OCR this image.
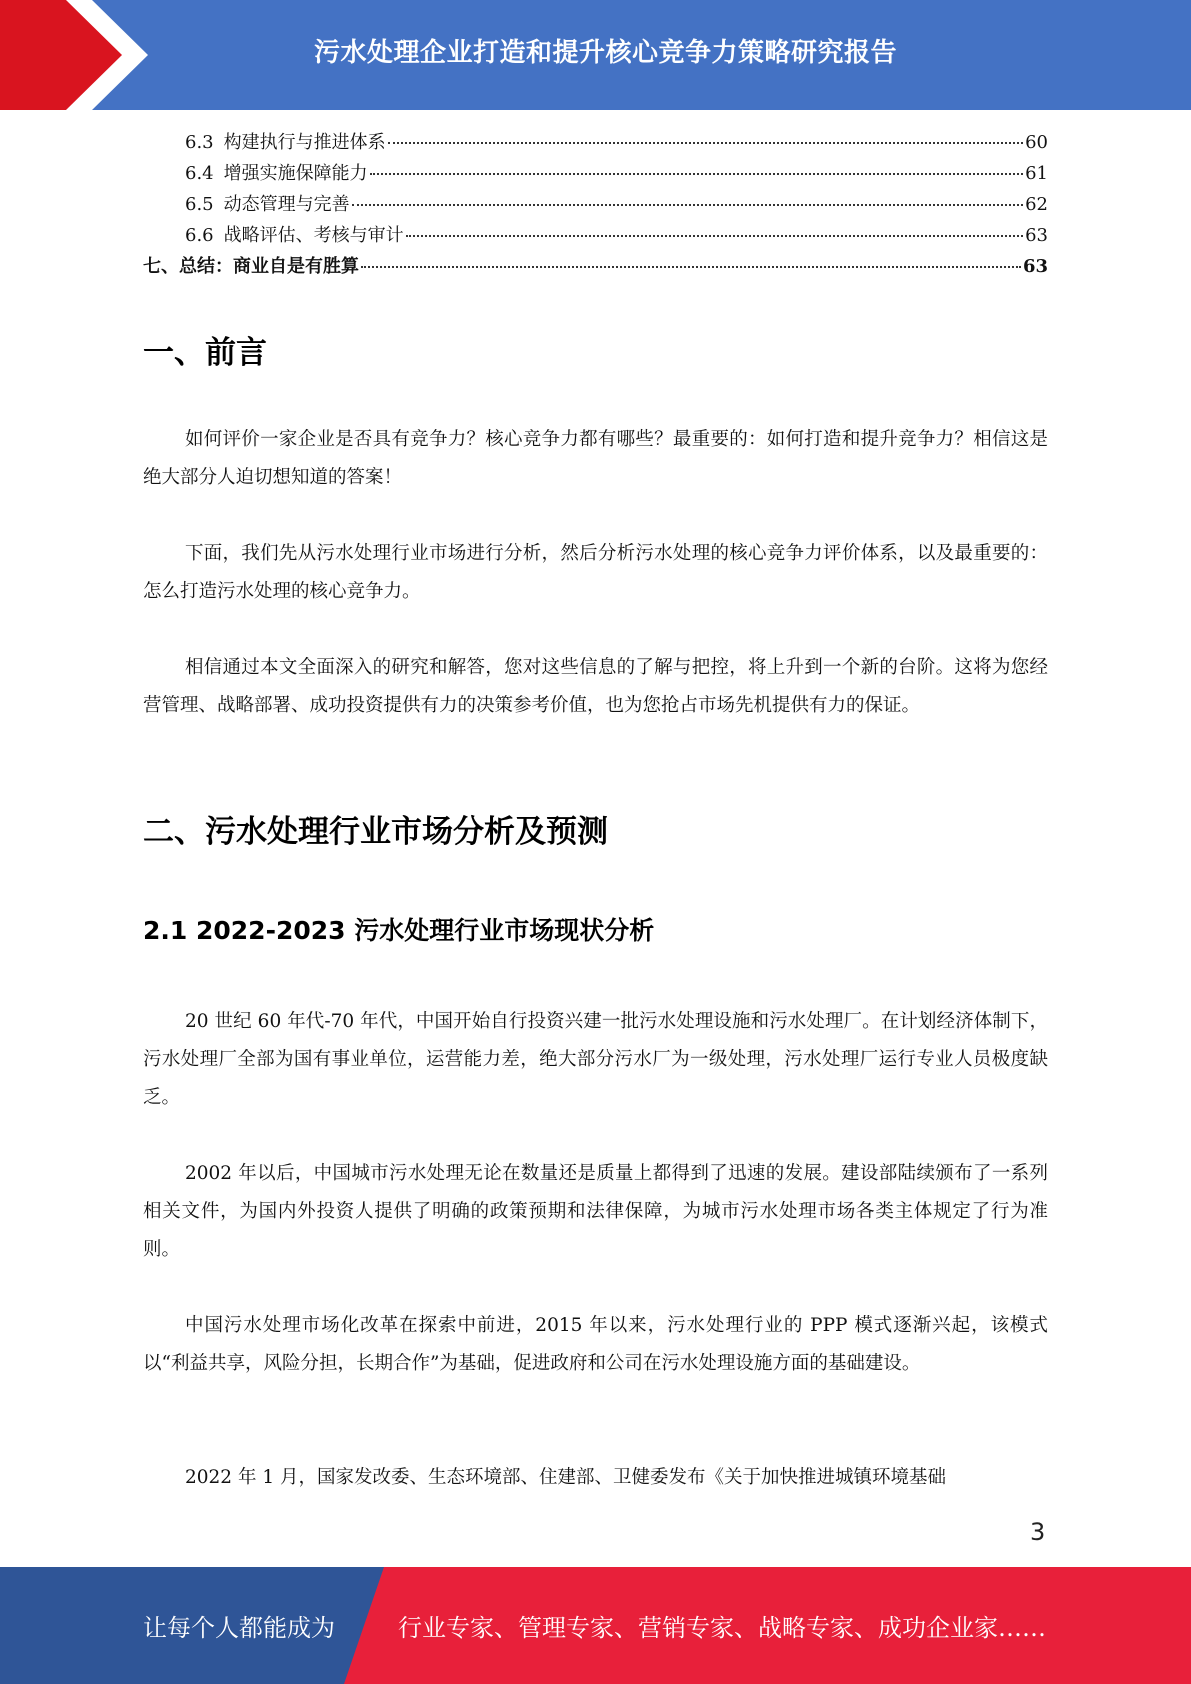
污水处理企业打造和提升核心竞争力策略研究报告
6.3 构建执行与推进体系	60
6.4 增强实施保障能力	61
6.5 动态管理与完善	62
6.6 战略评估、考核与审计	63
七、总结：商业自是有胜算	63
一、前言
如何评价一家企业是否具有竞争力？核心竞争力都有哪些？最重要的：如何打造和提升竞争力？相信这是绝大部分人迫切想知道的答案！
下面，我们先从污水处理行业市场进行分析，然后分析污水处理的核心竞争力评价体系，以及最重要的：怎么打造污水处理的核心竞争力。
相信通过本文全面深入的研究和解答，您对这些信息的了解与把控，将上升到一个新的台阶。这将为您经营管理、战略部署、成功投资提供有力的决策参考价值，也为您抢占市场先机提供有力的保证。
二、污水处理行业市场分析及预测
2.1 2022-2023 污水处理行业市场现状分析
20 世纪 60 年代-70 年代，中国开始自行投资兴建一批污水处理设施和污水处理厂。在计划经济体制下，污水处理厂全部为国有事业单位，运营能力差，绝大部分污水厂为一级处理，污水处理厂运行专业人员极度缺乏。
2002 年以后，中国城市污水处理无论在数量还是质量上都得到了迅速的发展。建设部陆续颁布了一系列相关文件，为国内外投资人提供了明确的政策预期和法律保障，为城市污水处理市场各类主体规定了行为准则。
中国污水处理市场化改革在探索中前进，2015 年以来，污水处理行业的 PPP 模式逐渐兴起，该模式以“利益共享，风险分担，长期合作”为基础，促进政府和公司在污水处理设施方面的基础建设。
2022 年 1 月，国家发改委、生态环境部、住建部、卫健委发布《关于加快推进城镇环境基础
3
让每个人都能成为	行业专家、管理专家、营销专家、战略专家、成功企业家……
